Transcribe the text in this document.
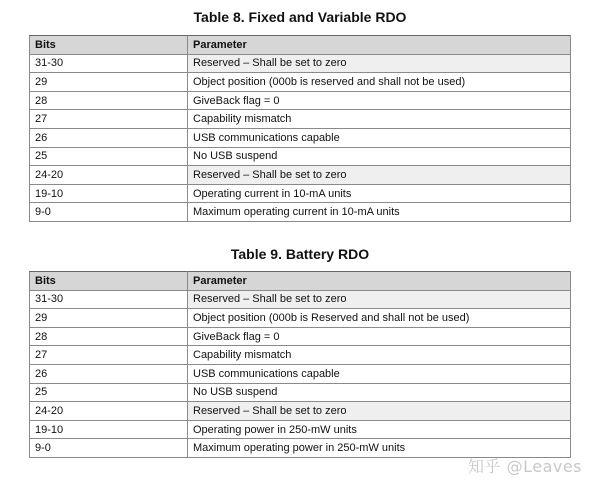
Table 8. Fixed and Variable RDO
Bits	Parameter
31-30	Reserved – Shall be set to zero
29	Object position (000b is reserved and shall not be used)
28	GiveBack flag = 0
27	Capability mismatch
26	USB communications capable
25	No USB suspend
24-20	Reserved – Shall be set to zero
19-10	Operating current in 10-mA units
9-0	Maximum operating current in 10-mA units
Table 9. Battery RDO
Bits	Parameter
31-30	Reserved – Shall be set to zero
29	Object position (000b is Reserved and shall not be used)
28	GiveBack flag = 0
27	Capability mismatch
26	USB communications capable
25	No USB suspend
24-20	Reserved – Shall be set to zero
19-10	Operating power in 250-mW units
9-0	Maximum operating power in 250-mW units
知乎 @Leaves
